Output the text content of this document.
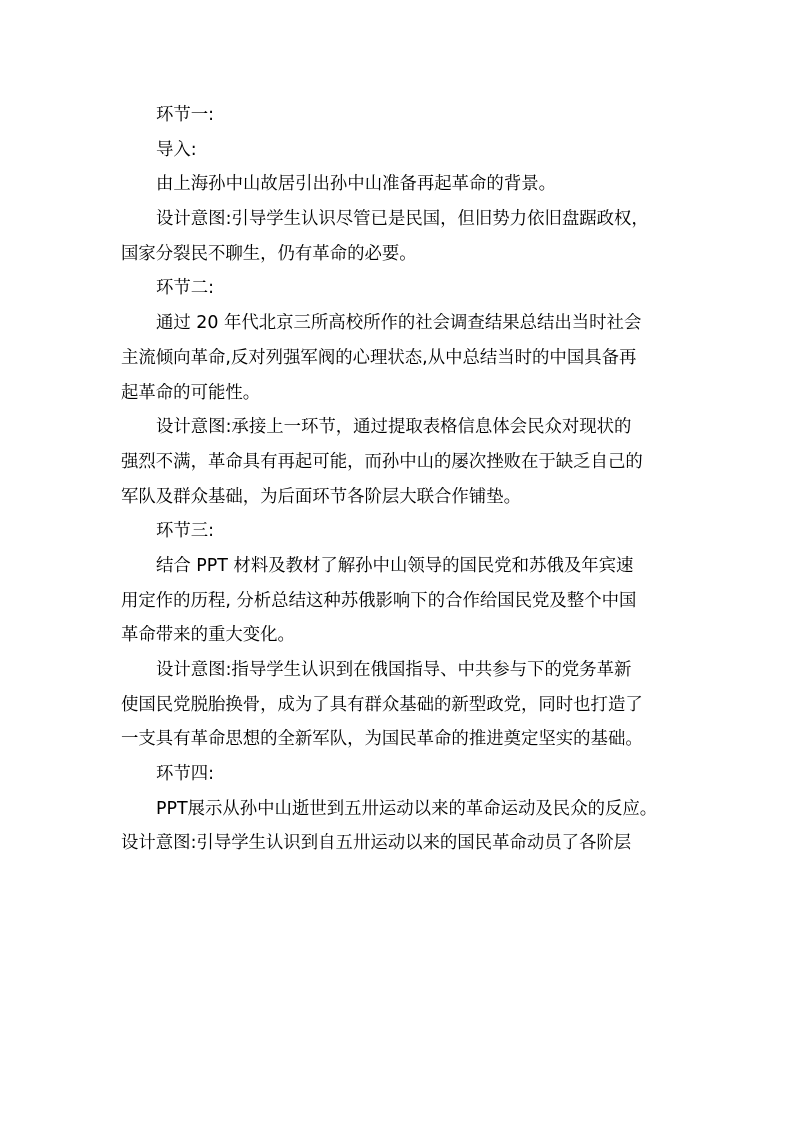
环节一:
导入:
由上海孙中山故居引出孙中山准备再起革命的背景。
设计意图:引导学生认识尽管已是民国，但旧势力依旧盘踞政权，
国家分裂民不聊生，仍有革命的必要。
环节二:
通过 20 年代北京三所高校所作的社会调查结果总结出当时社会
主流倾向革命,反对列强军阀的心理状态,从中总结当时的中国具备再
起革命的可能性。
设计意图:承接上一环节，通过提取表格信息体会民众对现状的
强烈不满，革命具有再起可能，而孙中山的屡次挫败在于缺乏自己的
军队及群众基础，为后面环节各阶层大联合作铺垫。
环节三:
结合 PPT 材料及教材了解孙中山领导的国民党和苏俄及年宾速
用定作的历程, 分析总结这种苏俄影响下的合作给国民党及整个中国
革命带来的重大变化。
设计意图:指导学生认识到在俄国指导、中共参与下的党务革新
使国民党脱胎换骨，成为了具有群众基础的新型政党，同时也打造了
一支具有革命思想的全新军队，为国民革命的推进奠定坚实的基础。
环节四:
PPT展示从孙中山逝世到五卅运动以来的革命运动及民众的反应。
设计意图:引导学生认识到自五卅运动以来的国民革命动员了各阶层
